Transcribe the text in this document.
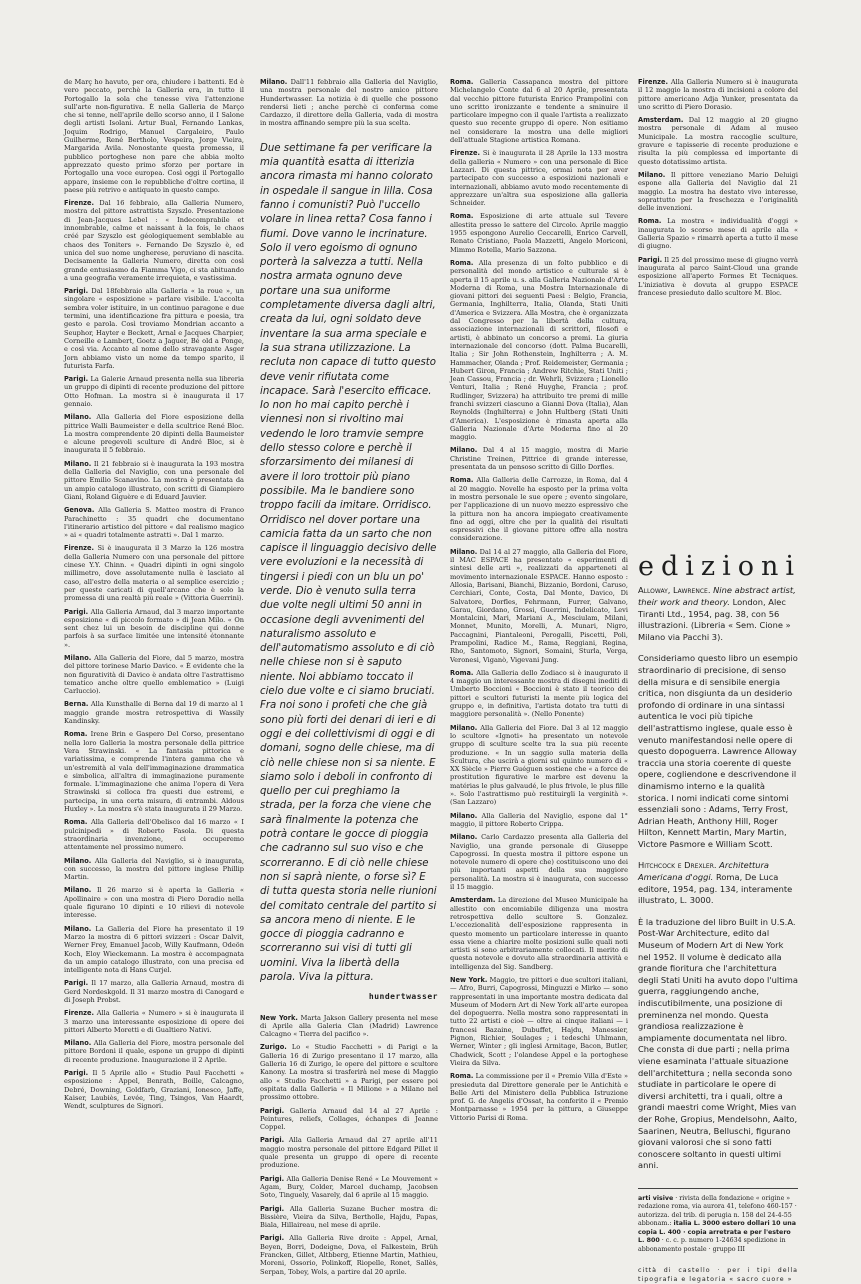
de Març ho havuto, per ora, chiudere i battenti. Ed è vero peccato, perchè la Galleria era, in tutto il Portogallo la sola che tenesse viva l'attenzione sull'arte non-figurativa. È nella Galleria de Março che si tenne, nell'aprile dello scorso anno, il I Salone degli artisti Isolani. Artur Bual, Fernando Lankas, Joquim Rodrigo, Manuel Cargaleiro, Paulo Guilherme, René Bertholo, Vespeira, Jorge Vieira, Margarida Avila. Nonostante questa promessa, il pubblico portoghese non pare che abbia molto apprezzato questo primo sforzo per portare in Portogallo una voce europea. Così oggi il Portogallo appare, insieme con le repubbliche d'oltre cortina, il paese più retrivo e antiquato in questo campo.

Firenze. Dal 16 febbraio, alla Galleria Numero, mostra del pittore astrattista Szyszlo. Presentazione di Jean-Jacques Lebel : « Indecomprabile et innombrable, calme et naissant à la fois, le chaos créé par Szyszlo est géologiquement semblable au chaos des Toniters ». Fernando De Szyszlo è, ed unica del suo nome ungherese, peruviano di nascita. Decisamente la Galleria Numero, diretta con così grande entusiasmo da Fiamma Vigo, ci sta abituando a una geografia veramente irrequieta, e vastissima.

Parigi. Dal 18febbraio alla Galleria « la roue », un singolare « esposizione » parlare visibile. L'accolta sembra voler istituire, in un continuo paragone e due termini, una identificazione fra pittura e poesia, tra gesto e parola. Così troviamo Mondrian accanto a Seuphor, Hayter e Beckett, Arnal e Jacques Charpier, Corneille e Lambert, Goetz a Jaguer, Bé old a Ponge, e così via. Accanto al nome dello stravagante Asger Jorn abbiamo visto un nome da tempo sparito, il futurista Farfa.

Parigi. La Galerie Arnaud presenta nella sua libreria un gruppo di dipinti di recente produzione del pittore Otto Hofman. La mostra si è inaugurata il 17 gennaio.

Milano. Alla Galleria del Fiore esposizione della pittrice Walli Baumeister e della scultrice René Bloc. La mostra comprendente 20 dipinti della Baumeister e alcune pregevoli sculture di André Bloc, si è inaugurata il 5 febbraio.

Milano. Il 21 febbraio si è inaugurata la 193 mostra della Galleria del Naviglio, con una personale del pittore Emilio Scanavino. La mostra è presentata da un ampio catalogo illustrato, con scritti di Giampiero Giani, Roland Giguère e di Eduard Jauvier.

Genova. Alla Galleria S. Matteo mostra di Franco Parachinetto : 35 quadri che documentano l'itinerario artistico del pittore « dal realismo magico » ai « quadri totalmente astratti ». Dal 1 marzo.

Firenze. Si è inaugurata il 3 Marzo la 126 mostra della Galleria Numero con una personale del pittore cinese Y.Y. Chinn. « Quadri dipinti in ogni singolo millimetro, dove assolutamente nulla è lasciato al caso, all'estro della materia o al semplice esercizio ; per queste caricati di quell'arcano che è solo la promessa di una realtà più reale » (Vittoria Guerrini).

Parigi. Alla Galleria Arnaud, dal 3 marzo importante esposizione « di piccolo formato » di Jean Milo. « On sent chez lui un besoin de discipline qui donne parfois à sa surface limitée une intensité étonnante ».

Milano. Alla Galleria del Fiore, dal 5 marzo, mostra del pittore torinese Mario Davico. « È evidente che la non figuratività di Davico è andata oltre l'astrattismo tematico anche oltre quello emblematico » (Luigi Carluccio).

Berna. Alla Kunsthalle di Berna dal 19 di marzo al 1 maggio grande mostra retrospettiva di Wassily Kandinsky.

Roma. Irene Brin e Gaspero Del Corso, presentano nella loro Galleria la mostra personale della pittrice Vera Strawinski. « La fantasia pittorica e variatissima, e comprende l'intera gamma che và un'estremità al vala dell'immaginazione drammatica e simbolica, all'altra di immaginazione puramente formale. L'immaginazione che anima l'opera di Vera Strawinski si colloca fra questi due estremi, e partecipa, in una certa misura, di entrambi. Aldous Huxley ». La mostra s'è stata inaugurata il 29 Marzo.

Roma. Alla Galleria dell'Obelisco dal 16 marzo « I pulcinipedi » di Roberto Fasola. Di questa straordinaria invenzione, ci occuperemo attentamente nel prossimo numero.

Milano. Alla Galleria del Naviglio, si è inaugurata, con successo, la mostra del pittore inglese Phillip Martin.

Milano. Il 26 marzo si è aperta la Galleria « Apollinaire » con una mostra di Piero Doradio nella quale figurano 10 dipinti e 10 rilievi di notevole interesse.

Milano. La Galleria del Fiore ha presentato il 19 Marzo la mostra di 6 pittori svizzeri : Oscar Dalvit, Werner Frey, Emanuel Jacob, Willy Kaufmann, Odeön Koch, Eloy Wieckemann. La mostra è accompagnata da un ampio catalogo illustrato, con una precisa ed intelligente nota di Hans Curjel.

Parigi. Il 17 marzo, alla Galleria Arnaud, mostra di Gerd Nordeskgold. Il 31 marzo mostra di Canogard e di Joseph Probst.

Firenze. Alla Galleria « Numero » si è inaugurata il 3 marzo una interessante esposizione di opere dei pittori Alberto Moretti e di Gualtiero Nativi.

Milano. Alla Galleria del Fiore, mostra personale del pittore Bordoni il quale, espone un gruppo di dipinti di recente produzione. Inaugurazione il 2 Aprile.

Parigi. Il 5 Aprile allo « Studio Paul Facchetti » esposizione : Appel, Benrath, Boille, Calcagno, Debré, Downing, Goldfarb, Graziani, Ionesco, Jaffe, Kaiser, Laubiès, Levée, Ting, Tsingos, Van Haardt, Wendt, sculptures de Signori.

Milano. Dall'11 febbraio alla Galleria del Naviglio, una mostra personale del nostro amico pittore Hundertwasser. La notizia è di quelle che possono rendersi lieti ; anche perchè ci conferma come Cardazzo, il direttore della Galleria, vada di mostra in mostra affinando sempre più la sua scelta.

Due settimane fa per verificare la mia quantità esatta di itterizia ancora rimasta mi hanno colorato in ospedale il sangue in lilla. Cosa fanno i comunisti? Può l'uccello volare in linea retta? Cosa fanno i fiumi. Dove vanno le incrinature. Solo il vero egoismo di ognuno porterà la salvezza a tutti. Nella nostra armata ognuno deve portare una sua uniforme completamente diversa dagli altri, creata da lui, ogni soldato deve inventare la sua arma speciale e la sua strana utilizzazione. La recluta non capace di tutto questo deve venir rifiutata come incapace. Sarà l'esercito efficace. Io non ho mai capito perchè i viennesi non si rivoltino mai vedendo le loro tramvie sempre dello stesso colore e perchè il sforzarsimento dei milanesi di avere il loro trottoir più piano possibile. Ma le bandiere sono troppo facili da imitare. Orridisco. Orridisco nel dover portare una camicia fatta da un sarto che non capisce il linguaggio decisivo delle vere evoluzioni e la necessità di tingersi i piedi con un blu un po' verde. Dio è venuto sulla terra due volte negli ultimi 50 anni in occasione degli avvenimenti del naturalismo assoluto e dell'automatismo assoluto e di ciò nelle chiese non si è saputo niente. Noi abbiamo toccato il cielo due volte e ci siamo bruciati. Fra noi sono i profeti che che già sono più forti dei denari di ieri e di oggi e dei collettivismi di oggi e di domani, sogno delle chiese, ma di ciò nelle chiese non si sa niente. E siamo solo i deboli in confronto di quello per cui preghiamo la strada, per la forza che viene che sarà finalmente la potenza che potrà contare le gocce di pioggia che cadranno sul suo viso e che scorreranno. E di ciò nelle chiese non si saprà niente, o forse sì? E di tutta questa storia nelle riunioni del comitato centrale del partito si sa ancora meno di niente. E le gocce di pioggia cadranno e scorreranno sui visi di tutti gli uomini. Viva la libertà della parola. Viva la pittura.
hundertwasser

New York. Marta Jakson Gallery presenta nel mese di Aprile alla Galeria Clan (Madrid) Lawrence Calcagno « Tierra del pacifico ».

Zurigo. Lo « Studio Facchetti » di Parigi e la Galleria 16 di Zurigo presentano il 17 marzo, alla Galleria 16 di Zurigo, le opere del pittore e scultore Kanony. La mostra si trasferirà nel mese di Maggio allo « Studio Facchetti » a Parigi, per essere poi ospitata dalla Galleria « Il Milione » a Milano nel prossimo ottobre.

Parigi. Galleria Arnaud dal 14 al 27 Aprile : Peintures, reliefs, Collages, échanpes di Jeanne Coppel.

Parigi. Alla Galleria Arnaud dal 27 aprile all'11 maggio mostra personale del pittore Edgard Pillet il quale presenta un gruppo di opere di recente produzione.

Parigi. Alla Galleria Denise René « Le Mouvement » Agam, Bury, Colder, Marcel duchamp, Jacobsen Soto, Tinguely, Vasarely, dal 6 aprile al 15 maggio.

Parigi. Alla Galleria Suzane Bucher mostra di: Bissière, Vieira da Silva, Bertholle, Hajdu, Papas, Biala, Hillaireau, nel mese di aprile.

Parigi. Alla Galleria Rive droite : Appel, Arnal, Beyen, Borri, Dodeigne, Dova, el Falkestein, Brüh Francken, Gillet, Altbberg, Etienne Martin, Mathieu, Moreni, Ossorio, Polinkoff, Riopelle, Ronet, Sallès, Serpan, Tobey, Wols, a partire dal 20 aprile.

Roma. Galleria Cassapanca mostra del pittore Michelangelo Conte dal 6 al 20 Aprile, presentata dal vecchio pittore futurista Enrico Prampolini con uno scritto ironizzante e tendente a sminuire il particolare impegno con il quale l'artista a realizzato questo suo recente gruppo di opere. Non esitiamo nel considerare la mostra una delle migliori dell'attuale Stagione artistica Romana.

Firenze. Si è inaugurata il 28 Aprile la 133 mostra della galleria « Numero » con una personale di Bice Lazzari. Di questa pittrice, ormai nota per aver partecipato con successo a esposizioni nazionali e internazionali, abbiamo avuto modo recentemente di apprezzare un'altra sua esposizione alla galleria Schneider.

Roma. Esposizione di arte attuale sul Tevere allestita presso le sattere del Circolo. Aprile maggio 1955 espongono Aurelio Ceccarelli, Enrico Carvell, Renato Cristiano, Paola Mazzetti, Angelo Moriconi, Mimmo Rotella, Mario Sazzona.

Roma. Alla presenza di un folto pubblico e di personalità del mondo artistico e culturale si è aperta il 15 aprile u. s. alla Galleria Nazionale d'Arte Moderna di Roma, una Mostra Internazionale di giovani pittori dei seguenti Paesi : Belgio, Francia, Germania, Inghilterra, Italia, Olanda, Stati Uniti d'America e Svizzera. Alla Mostra, che è organizzata dal Congresso per la libertà della cultura, associazione internazionali di scrittori, filosofi e artisti, è abbinato un concorso a premi. La giuria internazionale del concorso (dott. Palma Bucarelli, Italia ; Sir John Rothenstein, Inghilterra ; A. M. Hammacher, Olanda ; Prof. Reidemeister, Germania ; Hubert Giron, Francia ; Andrew Ritchie, Stati Uniti ; Jean Cassou, Francia ; dr. Wehrli, Svizzera ; Lionello Venturi, Italia ; René Huyghe, Francia ; prof. Rudlinger, Svizzera) ha attribuito tre premi di mille franchi svizzeri ciascuno a Gianni Dova (Italia), Alan Reynolds (Inghilterra) e John Hultberg (Stati Uniti d'America). L'esposizione è rimasta aperta alla Galleria Nazionale d'Arte Moderna fino al 20 maggio.

Milano. Dal 4 al 15 maggio, mostra di Marie Christine Treinen, Pittrice di grande interesse, presentata da un pensoso scritto di Gillo Dorfles.

Roma. Alla Galleria delle Carrozze, in Roma, dal 4 al 20 maggio. Novelle ha esposto per la prima volta in mostra personale le sue opere ; evento singolare, per l'applicazione di un nuovo mezzo espressivo che la pittura non ha ancora impiegato creativamente fino ad oggi, oltre che per la qualità dei risultati espressivi che il giovane pittore offre alla nostra considerazione.

Milano. Dal 14 al 27 maggio, alla Galleria del Fiore, il MAC ESPACE ha presentato « esperimenti di sintesi delle arti », realizzati da apparteneti al movimento internazionale ESPACE. Hanno esposto : Allosia, Barisani, Bianchi, Bizzanio, Bordoni, Caruso, Cerchiari, Conte, Costa, Dal Monte, Davico, Di Salvatore, Dorfles, Fehrmann, Furrer, Galvano, Garau, Giordano, Grossi, Guerrini, Indelicato, Levi Montalcini, Mari, Mariani A., Mesciulam, Milani, Monnet, Munito, Morelli, A. Munari, Nigro, Paccagnini, Piantaleoni, Perogalli, Piscetti, Poli, Prampolini, Radice M., Rama, Reggiani, Regina, Rho, Santomoto, Signori, Somaini, Sturla, Verga, Veronesi, Viganò, Vigevani Jung.

Roma. Alla Galleria dello Zodiaco si è inaugurato il 4 maggio un interessante mostra di disegni inediti di Umberto Boccioni « Boccioni è stato il teorico dei pittori e scultori futuristi la mente più logica del gruppo e, in definitiva, l'artista dotato tra tutti di maggiore personalità ». (Nello Ponente)

Milano. Alla Galleria del Fiore. Dal 3 al 12 maggio lo scultore «Ignoti» ha presentato un notevole gruppo di sculture scelte tra la sua più recente produzione. « In un saggio sulla materia della Scultura, che uscirà a giorni sul quinto numero di « XX Siècle » Pierre Guéguen sostiene che « a force de prostitution figurative le marbre est devenu la matérias le plus galvaudé, le plus frivole, le plus fille ». Solo l'astrattismo può restituirgli la verginità ». (San Lazzaro)

Milano. Alla Galleria del Naviglio, espone dal 1° maggio, il pittore Roberto Crippa.

Milano. Carlo Cardazzo presenta alla Galleria del Naviglio, una grande personale di Giuseppe Capogrossi. In questa mostra il pittore espone un notevole numero di opere che) costituiscono uno dei più importanti aspetti della sua maggiore personalità. La mostra si è inaugurata, con successo il 15 maggio.

Amsterdam. La direzione del Museo Municipale ha allestito con encomiabile diligenza una mostra retrospettiva dello scultore S. Gonzalez. L'eccezionalità dell'esposizione rappresenta in questo momento un particolare interesse in quanto essa viene a chiarire molte posizioni sulle quali noti artisti si sono arbitrariamente collocati. Il merito di questa notevole e dovuto alla straordinaria attività e intelligenza del Sig. Sandberg.

New York. Maggio, tre pittori e due scultori italiani, — Afro, Burri, Capogrossi, Minguzzi e Mirko — sono rappresentati in una importante mostra dedicata dal Museum of Modern Art di New York all'arte europea del dopoguerra. Nella mostra sono rappresentati in tutto 22 artisti e cioè — oltre ai cinque italiani — i francesi Bazaine, Dubuffet, Hajdu, Manessier, Pignon, Richier, Soulages ; i tedeschi Uhlmann, Werner, Winter ; gli inglesi Armitage, Bacon, Butler, Chadwick, Scott ; l'olandese Appel e la portoghese Vieira da Silva.

Roma. La commissione per il « Premio Villa d'Este » presieduta dal Direttore generale per le Antichità e Belle Arti del Ministero della Pubblica Istruzione prof. G. de Angelis d'Ossat, ha conferito il « Premio Montparnasse » 1954 per la pittura, a Giuseppe Vittorio Parisi di Roma.

Firenze. Alla Galleria Numero si è inaugurata il 12 maggio la mostra di incisioni a colore del pittore americano Adja Yunker, presentata da uno scritto di Piero Dorasio.

Amsterdam. Dal 12 maggio al 20 giugno mostra personale di Adam al museo Municipale. La mostra raccoglie sculture, gravure e tapisserie di recente produzione e risulta la più complessa ed importante di questo dotatissimo artista.

Milano. Il pittore veneziano Mario Deluigi espone alla Galleria del Naviglio dal 21 maggio. La mostra ha destato vivo interesse, soprattutto per la freschezza e l'originalità delle invenzioni.

Roma. La mostra « individualità d'oggi » inaugurata lo scorso mese di aprile alla « Galleria Spazio » rimarrà aperta a tutto il mese di giugno.

Parigi. Il 25 del prossimo mese di giugno verrà inaugurata al parco Saint-Cloud una grande esposizione all'aperto Formes Et Tecniques. L'iniziativa è dovuta al gruppo ESPACE francese presieduto dallo scultore M. Bloc.

edizioni

Alloway, Lawrence. Nine abstract artist, their work and theory. London, Alec Tiranti Ltd., 1954, pag. 38, con 56 illustrazioni. (Libreria « Sem. Cione » Milano via Pacchi 3).

Consideriamo questo libro un esempio straordinario di precisione, di senso della misura e di sensibile energia critica, non disgiunta da un desiderio profondo di ordinare in una sintassi autentica le voci più tipiche dell'astrattismo inglese, quale esso è venuto manifestandosi nelle opere di questo dopoguerra. Lawrence Alloway traccia una storia coerente di queste opere, cogliendone e descrivendone il dinamismo interno e la qualità storica. I nomi indicati come sintomi essenziali sono : Adams, Terry Frost, Adrian Heath, Anthony Hill, Roger Hilton, Kennett Martin, Mary Martin, Victore Pasmore e William Scott.

Hitchcock e Drexler. Architettura Americana d'oggi. Roma, De Luca editore, 1954, pag. 134, interamente illustrato, L. 3000.

È la traduzione del libro Built in U.S.A. Post-War Architecture, edito dal Museum of Modern Art di New York nel 1952. Il volume è dedicato alla grande fioritura che l'architettura degli Stati Uniti ha avuto dopo l'ultima guerra, raggiungendo anche, indiscutibilmente, una posizione di preminenza nel mondo. Questa grandiosa realizzazione è ampiamente documentata nel libro. Che consta di due parti ; nella prima viene esaminata l'attuale situazione dell'architettura ; nella seconda sono studiate in particolare le opere di diversi architetti, tra i quali, oltre a grandi maestri come Wright, Mies van der Rohe, Gropius, Mendelsohn, Aalto, Saarinen, Neutra, Belluschi, figurano giovani valorosi che si sono fatti conoscere soltanto in questi ultimi anni.

arti visive · rivista della fondazione « origine » redazione roma, via aurora 41, telefono 460-157 · autorizza. del trib. di perugia n. 158 del 24-4-55 abbonam.: italia L. 3000 estero dollari 10 una copia L. 400 · copia arretrata e per l'estero L. 800 · c. c. p. numero 1-24634 spedizione in abbonamento postale · gruppo III
città di castello · per i tipi della tipografia e legatoria « sacro cuore »
